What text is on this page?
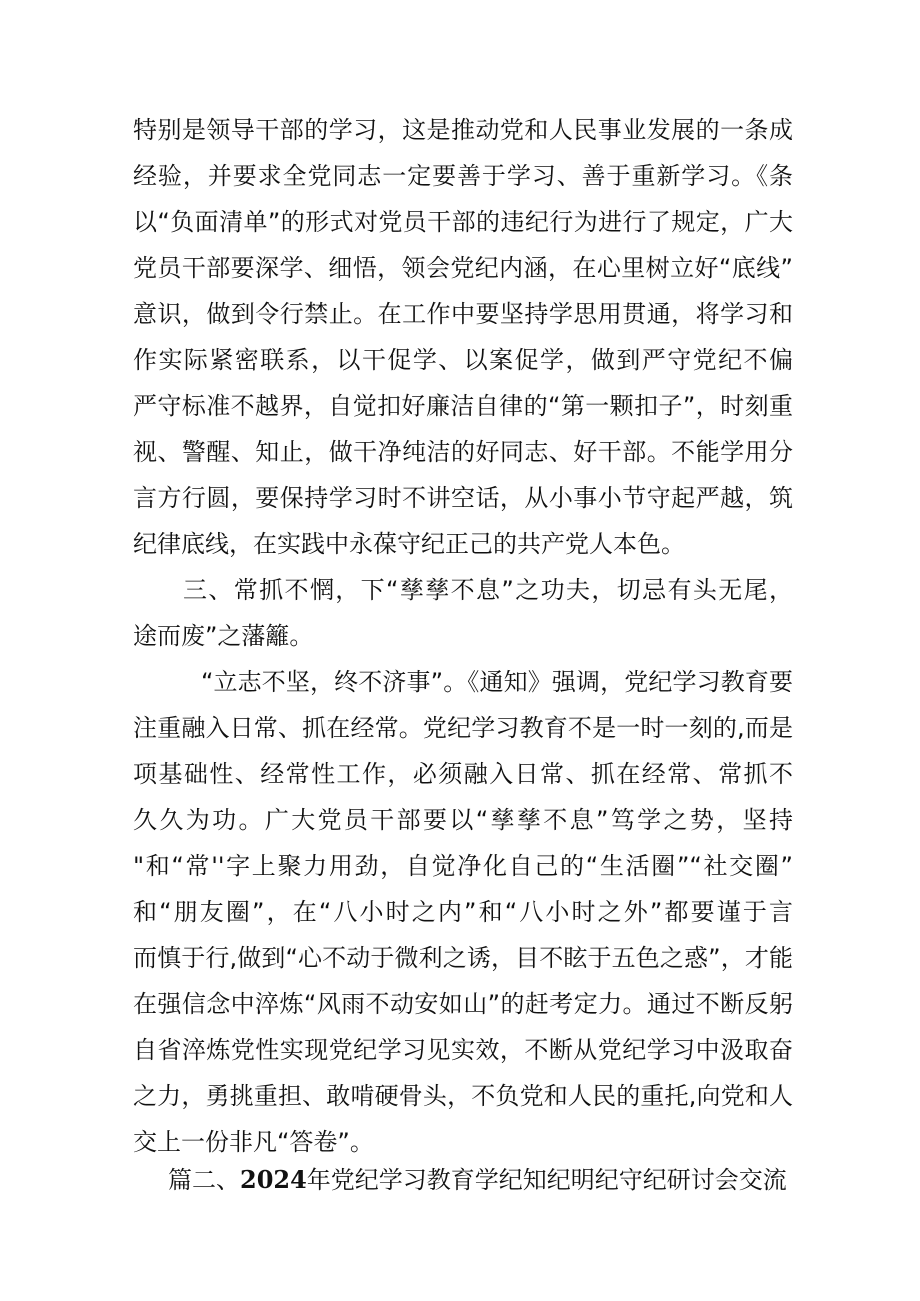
特别是领导干部的学习，这是推动党和人民事业发展的一条成
经验，并要求全党同志一定要善于学习、善于重新学习。《条
以“负面清单”的形式对党员干部的违纪行为进行了规定，广大
党员干部要深学、细悟，领会党纪内涵，在心里树立好“底线”
意识，做到令行禁止。在工作中要坚持学思用贯通，将学习和
作实际紧密联系，以干促学、以案促学，做到严守党纪不偏
严守标准不越界，自觉扣好廉洁自律的“第一颗扣子”，时刻重
视、警醒、知止，做干净纯洁的好同志、好干部。不能学用分
言方行圆，要保持学习时不讲空话，从小事小节守起严越，筑
纪律底线，在实践中永葆守纪正己的共产党人本色。
三、常抓不惘，下“孳孳不息”之功夫，切忌有头无尾，
途而废”之藩籬。
“立志不坚，终不济事”。《通知》强调，党纪学习教育要
注重融入日常、抓在经常。党纪学习教育不是一时一刻的,而是
项基础性、经常性工作，必须融入日常、抓在经常、常抓不
久久为功。广大党员干部要以“孳孳不息”笃学之势，坚持
"和“常''字上聚力用劲，自觉净化自己的“生活圈”“社交圈”
和“朋友圈”，在“八小时之内”和“八小时之外”都要谨于言
而慎于行,做到“心不动于微利之诱，目不眩于五色之惑”，才能
在强信念中淬炼“风雨不动安如山”的赶考定力。通过不断反躬
自省淬炼党性实现党纪学习见实效，不断从党纪学习中汲取奋
之力，勇挑重担、敢啃硬骨头，不负党和人民的重托,向党和人
交上一份非凡“答卷”。
篇二、2024年党纪学习教育学纪知纪明纪守纪研讨会交流
